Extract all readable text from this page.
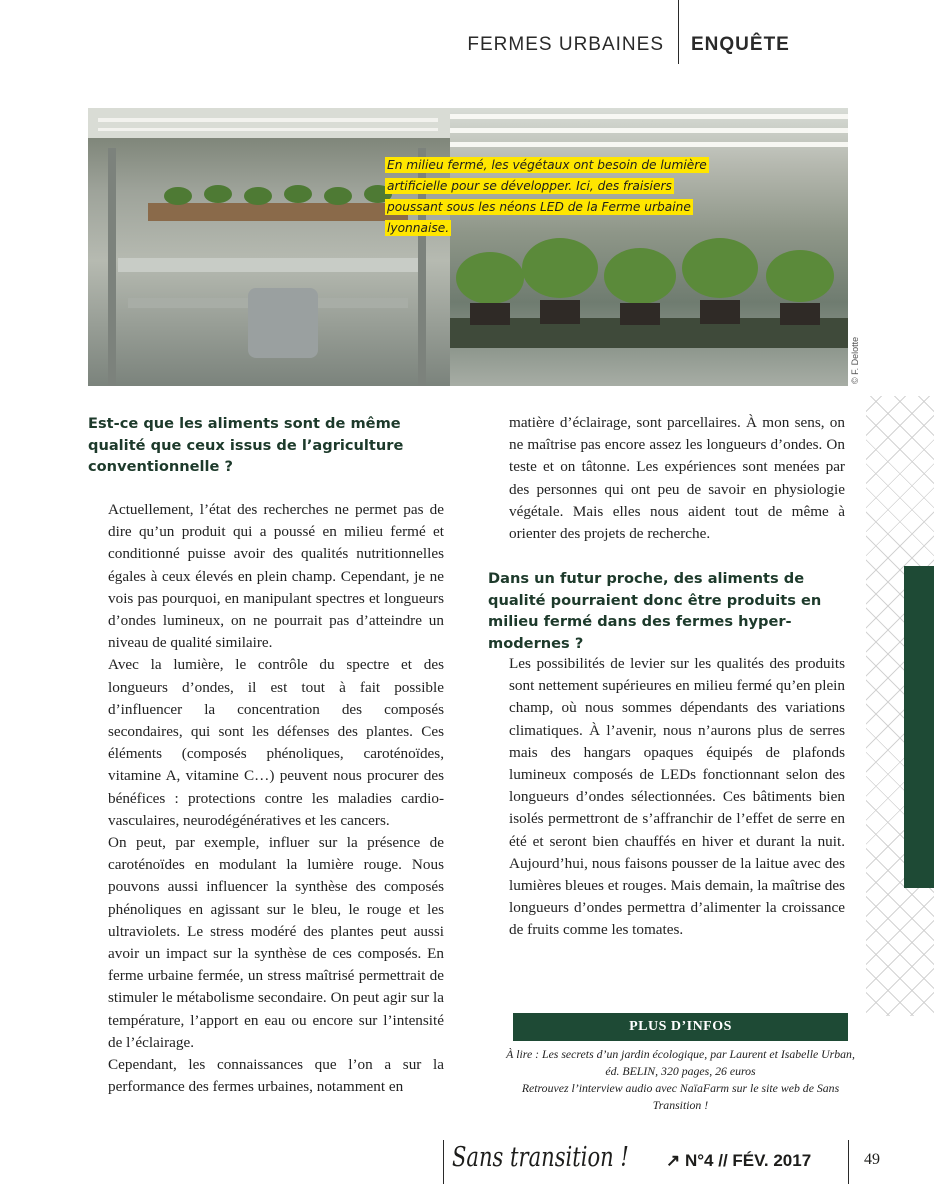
FERMES URBAINES ENQUÊTE
En milieu fermé, les végétaux ont besoin de lumière artificielle pour se développer. Ici, des fraisiers poussant sous les néons LED de la Ferme urbaine lyonnaise.
© F. Delotte
Est-ce que les aliments sont de même qualité que ceux issus de l’agriculture conventionnelle ?

Actuellement, l’état des recherches ne permet pas de dire qu’un produit qui a poussé en milieu fermé et conditionné puisse avoir des qualités nutritionnelles égales à ceux élevés en plein champ. Cependant, je ne vois pas pourquoi, en manipulant spectres et longueurs d’ondes lumineux, on ne pourrait pas d’atteindre un niveau de qualité similaire.

Avec la lumière, le contrôle du spectre et des longueurs d’ondes, il est tout à fait possible d’influencer la concentration des composés secondaires, qui sont les défenses des plantes. Ces éléments (composés phénoliques, caroténoïdes, vitamine A, vitamine C…) peuvent nous procurer des bénéfices : protections contre les maladies cardio-vasculaires, neurodégénératives et les cancers.

On peut, par exemple, influer sur la présence de caroténoïdes en modulant la lumière rouge. Nous pouvons aussi influencer la synthèse des composés phénoliques en agissant sur le bleu, le rouge et les ultraviolets. Le stress modéré des plantes peut aussi avoir un impact sur la synthèse de ces composés. En ferme urbaine fermée, un stress maîtrisé permettrait de stimuler le métabolisme secondaire. On peut agir sur la température, l’apport en eau ou encore sur l’intensité de l’éclairage.

Cependant, les connaissances que l’on a sur la performance des fermes urbaines, notamment en

matière d’éclairage, sont parcellaires. À mon sens, on ne maîtrise pas encore assez les longueurs d’ondes. On teste et on tâtonne. Les expériences sont menées par des personnes qui ont peu de savoir en physiologie végétale. Mais elles nous aident tout de même à orienter des projets de recherche.

Dans un futur proche, des aliments de qualité pourraient donc être produits en milieu fermé dans des fermes hyper-modernes ?

Les possibilités de levier sur les qualités des produits sont nettement supérieures en milieu fermé qu’en plein champ, où nous sommes dépendants des variations climatiques. À l’avenir, nous n’aurons plus de serres mais des hangars opaques équipés de plafonds lumineux composés de LEDs fonctionnant selon des longueurs d’ondes sélectionnées. Ces bâtiments bien isolés permettront de s’affranchir de l’effet de serre en été et seront bien chauffés en hiver et durant la nuit. Aujourd’hui, nous faisons pousser de la laitue avec des lumières bleues et rouges. Mais demain, la maîtrise des longueurs d’ondes permettra d’alimenter la croissance de fruits comme les tomates.

PLUS D’INFOS

À lire : Les secrets d’un jardin écologique, par Laurent et Isabelle Urban, éd. BELIN, 320 pages, 26 euros

Retrouvez l’interview audio avec NaïaFarm sur le site web de Sans Transition !

Sans transition ! ↗ N°4 // FÉV. 2017	49
